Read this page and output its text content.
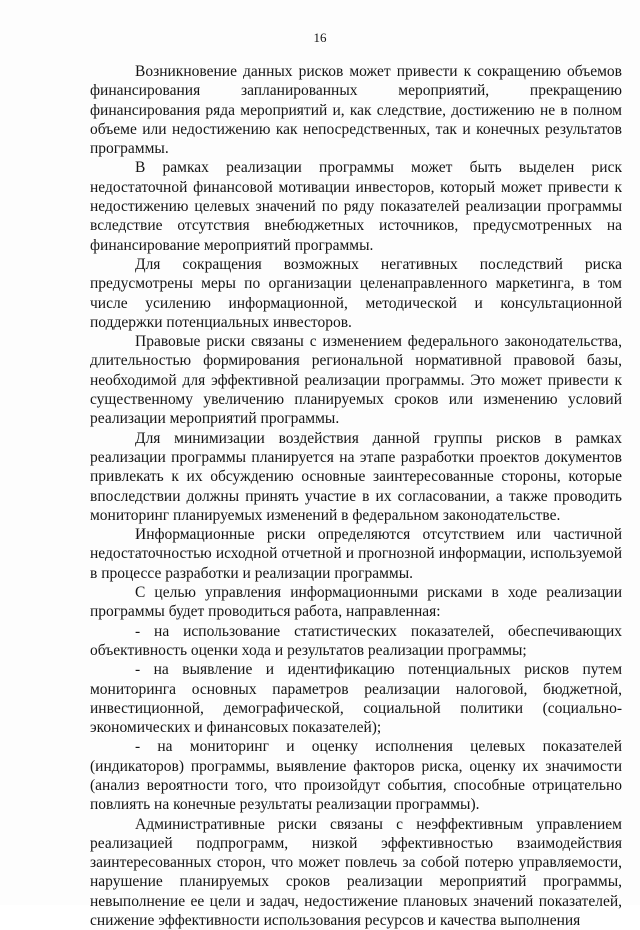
16

Возникновение данных рисков может привести к сокращению объемов финансирования запланированных мероприятий, прекращению финансирования ряда мероприятий и, как следствие, достижению не в полном объеме или недостижению как непосредственных, так и конечных результатов программы.

В рамках реализации программы может быть выделен риск недостаточной финансовой мотивации инвесторов, который может привести к недостижению целевых значений по ряду показателей реализации программы вследствие отсутствия внебюджетных источников, предусмотренных на финансирование мероприятий программы.

Для сокращения возможных негативных последствий риска предусмотрены меры по организации целенаправленного маркетинга, в том числе усилению информационной, методической и консультационной поддержки потенциальных инвесторов.

Правовые риски связаны с изменением федерального законодательства, длительностью формирования региональной нормативной правовой базы, необходимой для эффективной реализации программы. Это может привести к существенному увеличению планируемых сроков или изменению условий реализации мероприятий программы.

Для минимизации воздействия данной группы рисков в рамках реализации программы планируется на этапе разработки проектов документов привлекать к их обсуждению основные заинтересованные стороны, которые впоследствии должны принять участие в их согласовании, а также проводить мониторинг планируемых изменений в федеральном законодательстве.

Информационные риски определяются отсутствием или частичной недостаточностью исходной отчетной и прогнозной информации, используемой в процессе разработки и реализации программы.

С целью управления информационными рисками в ходе реализации программы будет проводиться работа, направленная:

- на использование статистических показателей, обеспечивающих объективность оценки хода и результатов реализации программы;

- на выявление и идентификацию потенциальных рисков путем мониторинга основных параметров реализации налоговой, бюджетной, инвестиционной, демографической, социальной политики (социально-экономических и финансовых показателей);

- на мониторинг и оценку исполнения целевых показателей (индикаторов) программы, выявление факторов риска, оценку их значимости (анализ вероятности того, что произойдут события, способные отрицательно повлиять на конечные результаты реализации программы).

Административные риски связаны с неэффективным управлением реализацией подпрограмм, низкой эффективностью взаимодействия заинтересованных сторон, что может повлечь за собой потерю управляемости, нарушение планируемых сроков реализации мероприятий программы, невыполнение ее цели и задач, недостижение плановых значений показателей, снижение эффективности использования ресурсов и качества выполнения
